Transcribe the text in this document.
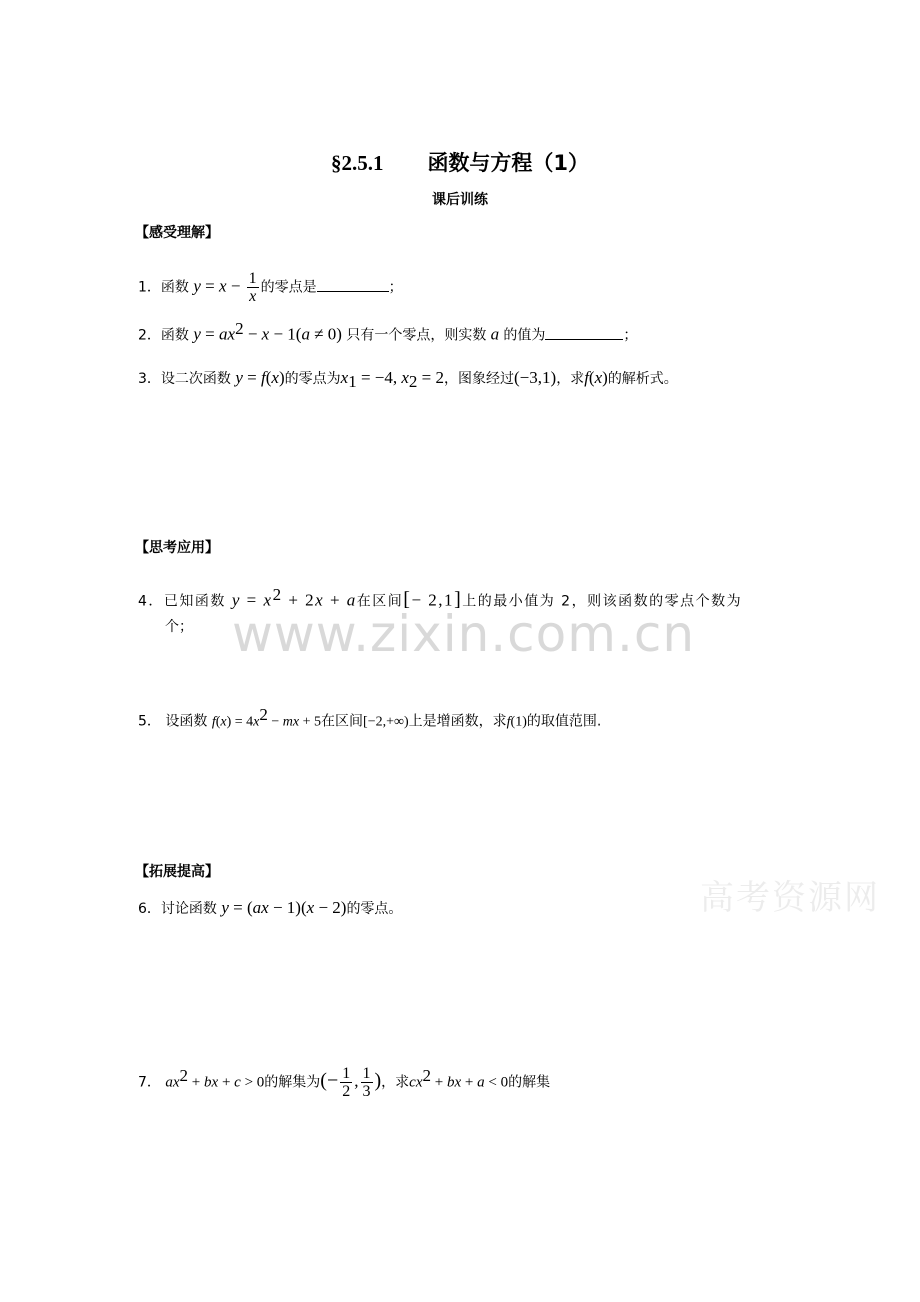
www.zixin.com.cn
高考资源网
§2.5.1 函数与方程（1）
课后训练
【感受理解】
1．函数 $y = x - \frac{1}{x}$ 的零点是	；
2．函数 $y = ax^2 - x - 1(a \ne 0)$ 只有一个零点，则实数 a 的值为	；
3．设二次函数 y = f(x)的零点为$x_1 = -4$, $x_2 = 2$，图象经过(−3,1)，求f(x)的解析式。
【思考应用】
4．已知函数 $y = x^2 + 2x + a$在区间[− 2,1]上的最小值为 2，则该函数的零点个数为
个；
5． 设函数 $f(x) = 4x^2$ − mx + 5在区间[−2,+∞)上是增函数，求f(1)的取值范围.
【拓展提高】
6．讨论函数 y = (ax − 1)(x − 2)的零点。
7． $ax^2$ + bx + c > 0的解集为(− $\frac{1}{2}$ , $\frac{1}{3}$ )，求$cx^2$ + bx + a < 0的解集
